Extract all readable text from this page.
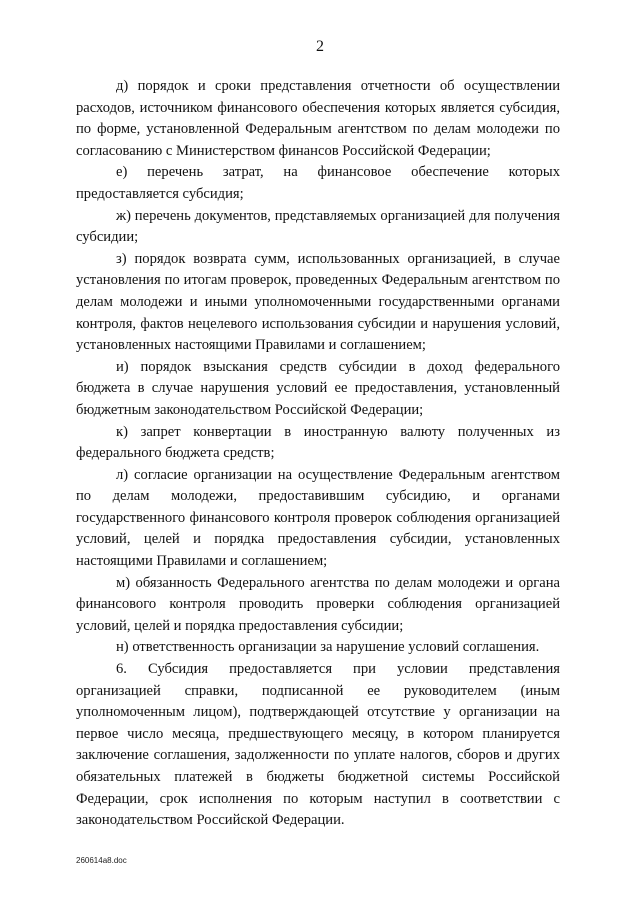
2

д) порядок и сроки представления отчетности об осуществлении расходов, источником финансового обеспечения которых является субсидия, по форме, установленной Федеральным агентством по делам молодежи по согласованию с Министерством финансов Российской Федерации;

е) перечень затрат, на финансовое обеспечение которых предоставляется субсидия;

ж) перечень документов, представляемых организацией для получения субсидии;

з) порядок возврата сумм, использованных организацией, в случае установления по итогам проверок, проведенных Федеральным агентством по делам молодежи и иными уполномоченными государственными органами контроля, фактов нецелевого использования субсидии и нарушения условий, установленных настоящими Правилами и соглашением;

и) порядок взыскания средств субсидии в доход федерального бюджета в случае нарушения условий ее предоставления, установленный бюджетным законодательством Российской Федерации;

к) запрет конвертации в иностранную валюту полученных из федерального бюджета средств;

л) согласие организации на осуществление Федеральным агентством по делам молодежи, предоставившим субсидию, и органами государственного финансового контроля проверок соблюдения организацией условий, целей и порядка предоставления субсидии, установленных настоящими Правилами и соглашением;

м) обязанность Федерального агентства по делам молодежи и органа финансового контроля проводить проверки соблюдения организацией условий, целей и порядка предоставления субсидии;

н) ответственность организации за нарушение условий соглашения.

6. Субсидия предоставляется при условии представления организацией справки, подписанной ее руководителем (иным уполномоченным лицом), подтверждающей отсутствие у организации на первое число месяца, предшествующего месяцу, в котором планируется заключение соглашения, задолженности по уплате налогов, сборов и других обязательных платежей в бюджеты бюджетной системы Российской Федерации, срок исполнения по которым наступил в соответствии с законодательством Российской Федерации.

260614a8.doc
